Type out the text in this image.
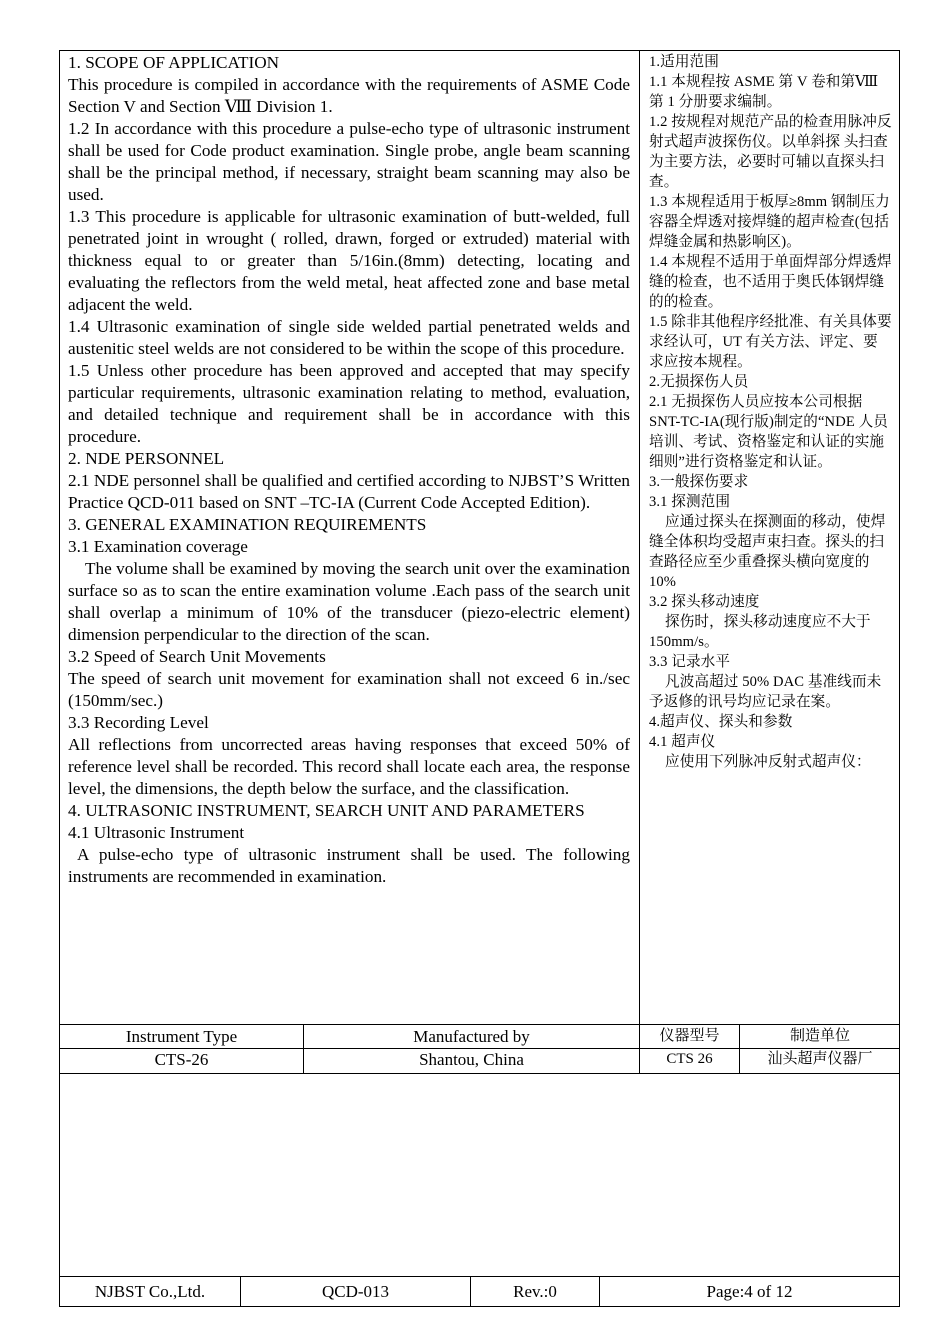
1. SCOPE OF APPLICATION

This procedure is compiled in accordance with the requirements of ASME Code Section V and Section Ⅷ Division 1.

1.2 In accordance with this procedure a pulse-echo type of ultrasonic instrument shall be used for Code product examination. Single probe, angle beam scanning shall be the principal method, if necessary, straight beam scanning may also be used.

1.3 This procedure is applicable for ultrasonic examination of butt-welded, full penetrated joint in wrought ( rolled, drawn, forged or extruded) material with thickness equal to or greater than 5/16in.(8mm) detecting, locating and evaluating the reflectors from the weld metal, heat affected zone and base metal adjacent the weld.

1.4 Ultrasonic examination of single side welded partial penetrated welds and austenitic steel welds are not considered to be within the scope of this procedure.

1.5 Unless other procedure has been approved and accepted that may specify particular requirements, ultrasonic examination relating to method, evaluation, and detailed technique and requirement shall be in accordance with this procedure.

2. NDE PERSONNEL

2.1 NDE personnel shall be qualified and certified according to NJBST’S Written Practice QCD-011 based on SNT –TC-IA (Current Code Accepted Edition).

3. GENERAL EXAMINATION REQUIREMENTS

3.1 Examination coverage

The volume shall be examined by moving the search unit over the examination surface so as to scan the entire examination volume .Each pass of the search unit shall overlap a minimum of 10% of the transducer (piezo-electric element) dimension perpendicular to the direction of the scan.

3.2 Speed of Search Unit Movements

The speed of search unit movement for examination shall not exceed 6 in./sec (150mm/sec.)

3.3 Recording Level

All reflections from uncorrected areas having responses that exceed 50% of reference level shall be recorded. This record shall locate each area, the response level, the dimensions, the depth below the surface, and the classification.

4. ULTRASONIC INSTRUMENT, SEARCH UNIT AND PARAMETERS

4.1 Ultrasonic Instrument

A pulse-echo type of ultrasonic instrument shall be used. The following instruments are recommended in examination.

1.适用范围

1.1 本规程按 ASME 第 V 卷和第Ⅷ第 1 分册要求编制。

1.2 按规程对规范产品的检查用脉冲反射式超声波探伤仪。以单斜探 头扫查为主要方法，必要时可辅以直探头扫查。

1.3 本规程适用于板厚≥8mm 钢制压力 容器全焊透对接焊缝的超声检查(包括焊缝金属和热影响区)。

1.4 本规程不适用于单面焊部分焊透焊缝的检查，也不适用于奥氏体钢焊缝的的检查。

1.5 除非其他程序经批准、有关具体要求经认可，UT 有关方法、评定、要求应按本规程。

2.无损探伤人员

2.1 无损探伤人员应按本公司根据 SNT-TC-IA(现行版)制定的“NDE 人员培训、考试、资格鉴定和认证的实施细则”进行资格鉴定和认证。

3.一般探伤要求

3.1 探测范围

应通过探头在探测面的移动，使焊缝全体积均受超声束扫查。探头的扫查路径应至少重叠探头横向宽度的 10%

3.2 探头移动速度

探伤时，探头移动速度应不大于 150mm/s。

3.3 记录水平

凡波高超过 50% DAC 基准线而未予返修的讯号均应记录在案。

4.超声仪、探头和参数

4.1 超声仪

应使用下列脉冲反射式超声仪：

Instrument Type	Manufactured by	仪器型号	制造单位
CTS-26	Shantou, China	CTS 26	汕头超声仪器厂
NJBST Co.,Ltd.	QCD-013	Rev.:0	Page:4 of 12
